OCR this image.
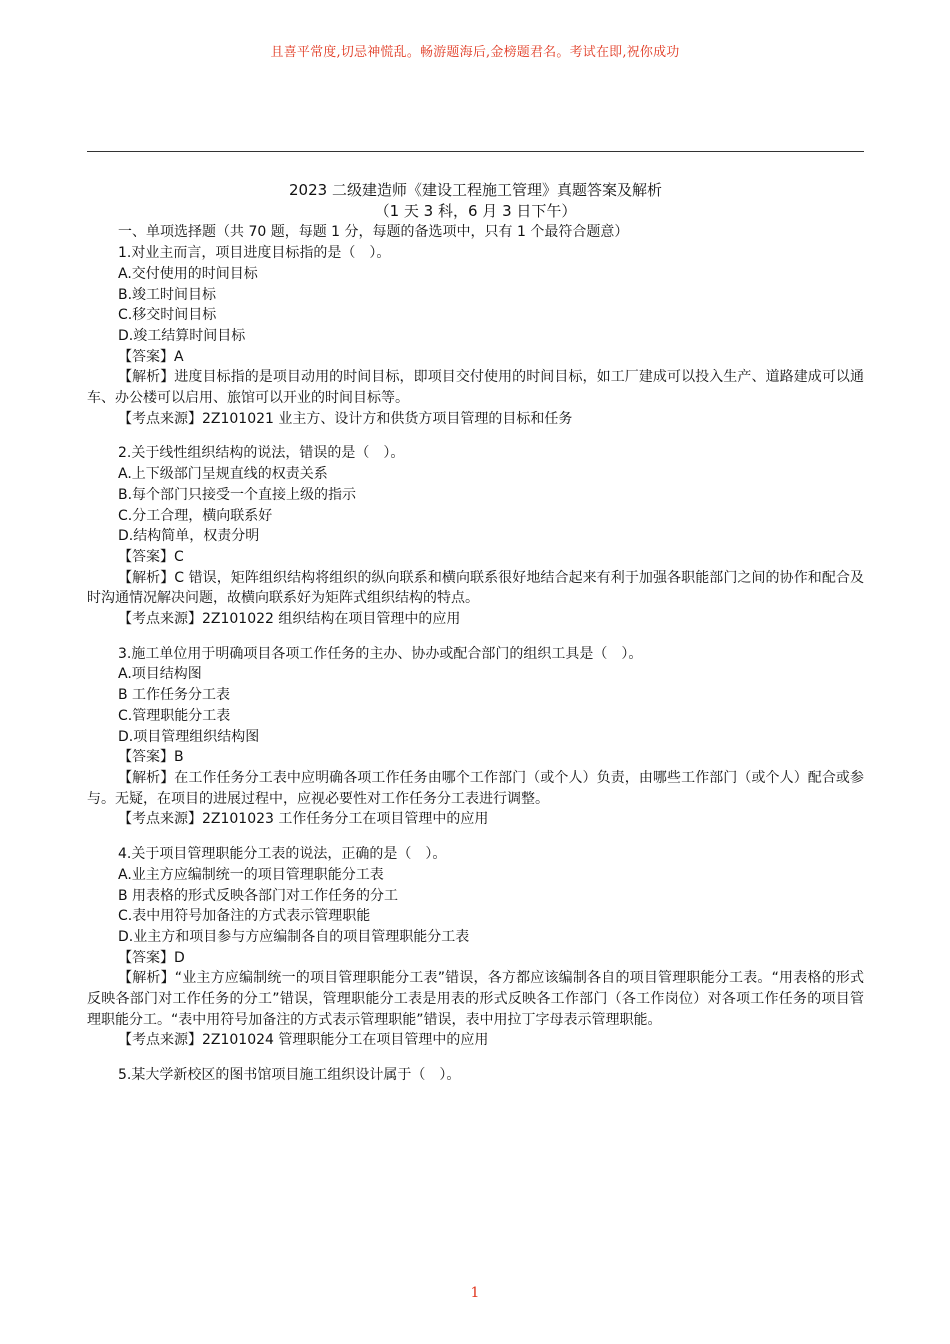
且喜平常度,切忌神慌乱。畅游题海后,金榜题君名。考试在即,祝你成功
2023 二级建造师《建设工程施工管理》真题答案及解析
（1 天 3 科，6 月 3 日下午）
一、单项选择题（共 70 题，每题 1 分，每题的备选项中，只有 1 个最符合题意）
1.对业主而言，项目进度目标指的是（　）。
A.交付使用的时间目标
B.竣工时间目标
C.移交时间目标
D.竣工结算时间目标
【答案】A
【解析】进度目标指的是项目动用的时间目标，即项目交付使用的时间目标，如工厂建成可以投入生产、道路建成可以通车、办公楼可以启用、旅馆可以开业的时间目标等。
【考点来源】2Z101021 业主方、设计方和供货方项目管理的目标和任务
2.关于线性组织结构的说法，错误的是（　）。
A.上下级部门呈规直线的权责关系
B.每个部门只接受一个直接上级的指示
C.分工合理，横向联系好
D.结构简单，权责分明
【答案】C
【解析】C 错误，矩阵组织结构将组织的纵向联系和横向联系很好地结合起来有利于加强各职能部门之间的协作和配合及时沟通情况解决问题，故横向联系好为矩阵式组织结构的特点。
【考点来源】2Z101022 组织结构在项目管理中的应用
3.施工单位用于明确项目各项工作任务的主办、协办或配合部门的组织工具是（　）。
A.项目结构图
B 工作任务分工表
C.管理职能分工表
D.项目管理组织结构图
【答案】B
【解析】在工作任务分工表中应明确各项工作任务由哪个工作部门（或个人）负责，由哪些工作部门（或个人）配合或参与。无疑，在项目的进展过程中，应视必要性对工作任务分工表进行调整。
【考点来源】2Z101023 工作任务分工在项目管理中的应用
4.关于项目管理职能分工表的说法，正确的是（　）。
A.业主方应编制统一的项目管理职能分工表
B 用表格的形式反映各部门对工作任务的分工
C.表中用符号加备注的方式表示管理职能
D.业主方和项目参与方应编制各自的项目管理职能分工表
【答案】D
【解析】“业主方应编制统一的项目管理职能分工表”错误，各方都应该编制各自的项目管理职能分工表。“用表格的形式反映各部门对工作任务的分工”错误，管理职能分工表是用表的形式反映各工作部门（各工作岗位）对各项工作任务的项目管理职能分工。“表中用符号加备注的方式表示管理职能”错误，表中用拉丁字母表示管理职能。
【考点来源】2Z101024 管理职能分工在项目管理中的应用
5.某大学新校区的图书馆项目施工组织设计属于（　）。
1
